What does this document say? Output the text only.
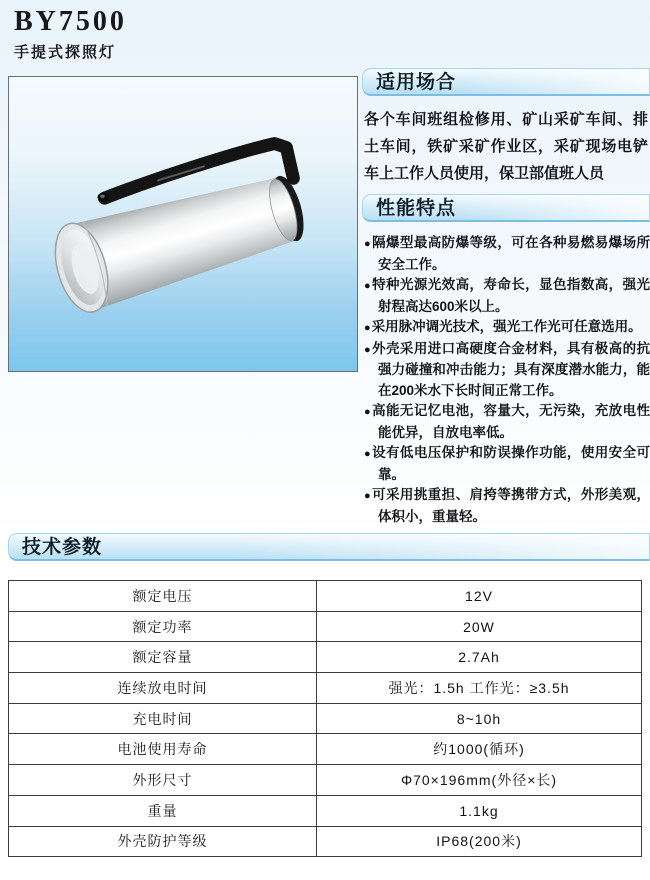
BY7500
手提式探照灯
适用场合

各个车间班组检修用、矿山采矿车间、排土车间，铁矿采矿作业区，采矿现场电铲车上工作人员使用，保卫部值班人员

性能特点
●隔爆型最高防爆等级，可在各种易燃易爆场所安全工作。
●特种光源光效高，寿命长，显色指数高，强光射程高达600米以上。
●采用脉冲调光技术，强光工作光可任意选用。
●外壳采用进口高硬度合金材料，具有极高的抗强力碰撞和冲击能力；具有深度潜水能力，能在200米水下长时间正常工作。
●高能无记忆电池，容量大，无污染，充放电性能优异，自放电率低。
●设有低电压保护和防误操作功能，使用安全可靠。
●可采用挑重担、肩挎等携带方式，外形美观，体积小，重量轻。
技术参数
额定电压	12V
额定功率	20W
额定容量	2.7Ah
连续放电时间	强光：1.5h 工作光：≥3.5h
充电时间	8~10h
电池使用寿命	约1000(循环)
外形尺寸	Φ70×196mm(外径×长)
重量	1.1kg
外壳防护等级	IP68(200米)
